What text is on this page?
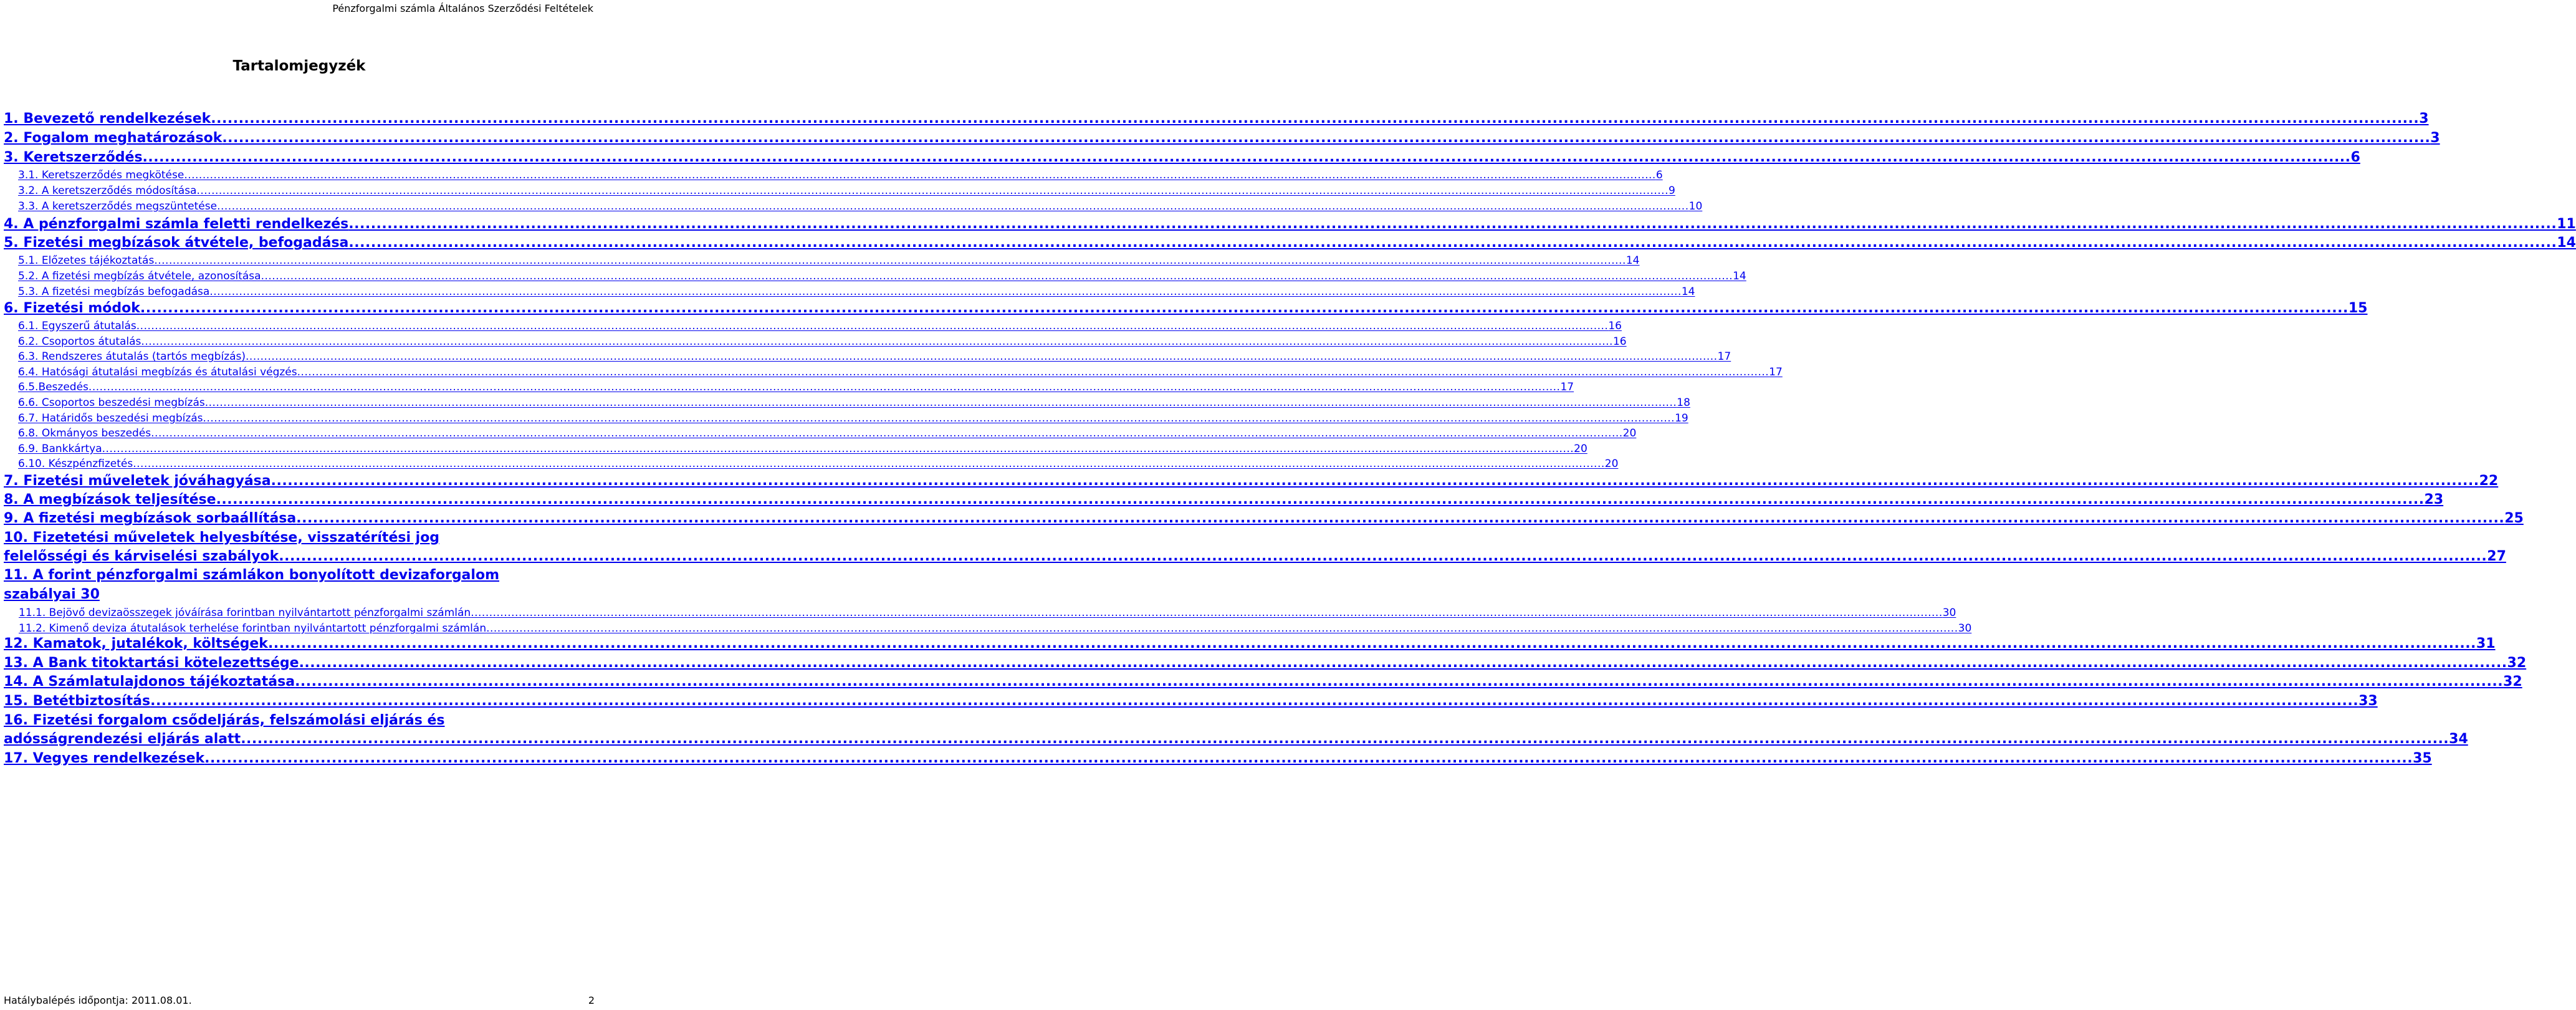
Pénzforgalmi számla Általános Szerződési Feltételek
Tartalomjegyzék
1. Bevezető rendelkezések ................................................................................................................................................................................................................................................................................................................................................................................................................ 3
2. Fogalom meghatározások ................................................................................................................................................................................................................................................................................................................................................................................................................ 3
3. Keretszerződés ................................................................................................................................................................................................................................................................................................................................................................................................................ 6
3.1. Keretszerződés megkötése ................................................................................................................................................................................................................................................................................................................................................................................................................ 6
3.2. A keretszerződés módosítása ................................................................................................................................................................................................................................................................................................................................................................................................................ 9
3.3. A keretszerződés megszüntetése ................................................................................................................................................................................................................................................................................................................................................................................................................ 10
4. A pénzforgalmi számla feletti rendelkezés ................................................................................................................................................................................................................................................................................................................................................................................................................ 11
5. Fizetési megbízások átvétele, befogadása ................................................................................................................................................................................................................................................................................................................................................................................................................ 14
5.1. Előzetes tájékoztatás ................................................................................................................................................................................................................................................................................................................................................................................................................ 14
5.2. A fizetési megbízás átvétele, azonosítása ................................................................................................................................................................................................................................................................................................................................................................................................................ 14
5.3. A fizetési megbízás befogadása ................................................................................................................................................................................................................................................................................................................................................................................................................ 14
6. Fizetési módok ................................................................................................................................................................................................................................................................................................................................................................................................................ 15
6.1. Egyszerű átutalás ................................................................................................................................................................................................................................................................................................................................................................................................................ 16
6.2. Csoportos átutalás ................................................................................................................................................................................................................................................................................................................................................................................................................ 16
6.3. Rendszeres átutalás (tartós megbízás) ................................................................................................................................................................................................................................................................................................................................................................................................................ 17
6.4. Hatósági átutalási megbízás és átutalási végzés ................................................................................................................................................................................................................................................................................................................................................................................................................ 17
6.5.Beszedés ................................................................................................................................................................................................................................................................................................................................................................................................................ 17
6.6. Csoportos beszedési megbízás ................................................................................................................................................................................................................................................................................................................................................................................................................ 18
6.7. Határidős beszedési megbízás ................................................................................................................................................................................................................................................................................................................................................................................................................ 19
6.8. Okmányos beszedés ................................................................................................................................................................................................................................................................................................................................................................................................................ 20
6.9. Bankkártya ................................................................................................................................................................................................................................................................................................................................................................................................................ 20
6.10. Készpénzfizetés ................................................................................................................................................................................................................................................................................................................................................................................................................ 20
7. Fizetési műveletek jóváhagyása ................................................................................................................................................................................................................................................................................................................................................................................................................ 22
8. A megbízások teljesítése ................................................................................................................................................................................................................................................................................................................................................................................................................ 23
9. A fizetési megbízások sorbaállítása ................................................................................................................................................................................................................................................................................................................................................................................................................ 25
10. Fizetetési műveletek helyesbítése, visszatérítési jog
felelősségi és kárviselési szabályok ................................................................................................................................................................................................................................................................................................................................................................................................................ 27
11. A forint pénzforgalmi számlákon bonyolított devizaforgalom
szabályai 30
11.1. Bejövő devizaösszegek jóváírása forintban nyilvántartott pénzforgalmi számlán ................................................................................................................................................................................................................................................................................................................................................................................................................ 30
11.2. Kimenő deviza átutalások terhelése forintban nyilvántartott pénzforgalmi számlán ................................................................................................................................................................................................................................................................................................................................................................................................................ 30
12. Kamatok, jutalékok, költségek ................................................................................................................................................................................................................................................................................................................................................................................................................ 31
13. A Bank titoktartási kötelezettsége ................................................................................................................................................................................................................................................................................................................................................................................................................ 32
14. A Számlatulajdonos tájékoztatása ................................................................................................................................................................................................................................................................................................................................................................................................................ 32
15. Betétbiztosítás ................................................................................................................................................................................................................................................................................................................................................................................................................ 33
16. Fizetési forgalom csődeljárás, felszámolási eljárás és
adósságrendezési eljárás alatt ................................................................................................................................................................................................................................................................................................................................................................................................................ 34
17. Vegyes rendelkezések ................................................................................................................................................................................................................................................................................................................................................................................................................ 35
Hatálybalépés időpontja: 2011.08.01.	2
